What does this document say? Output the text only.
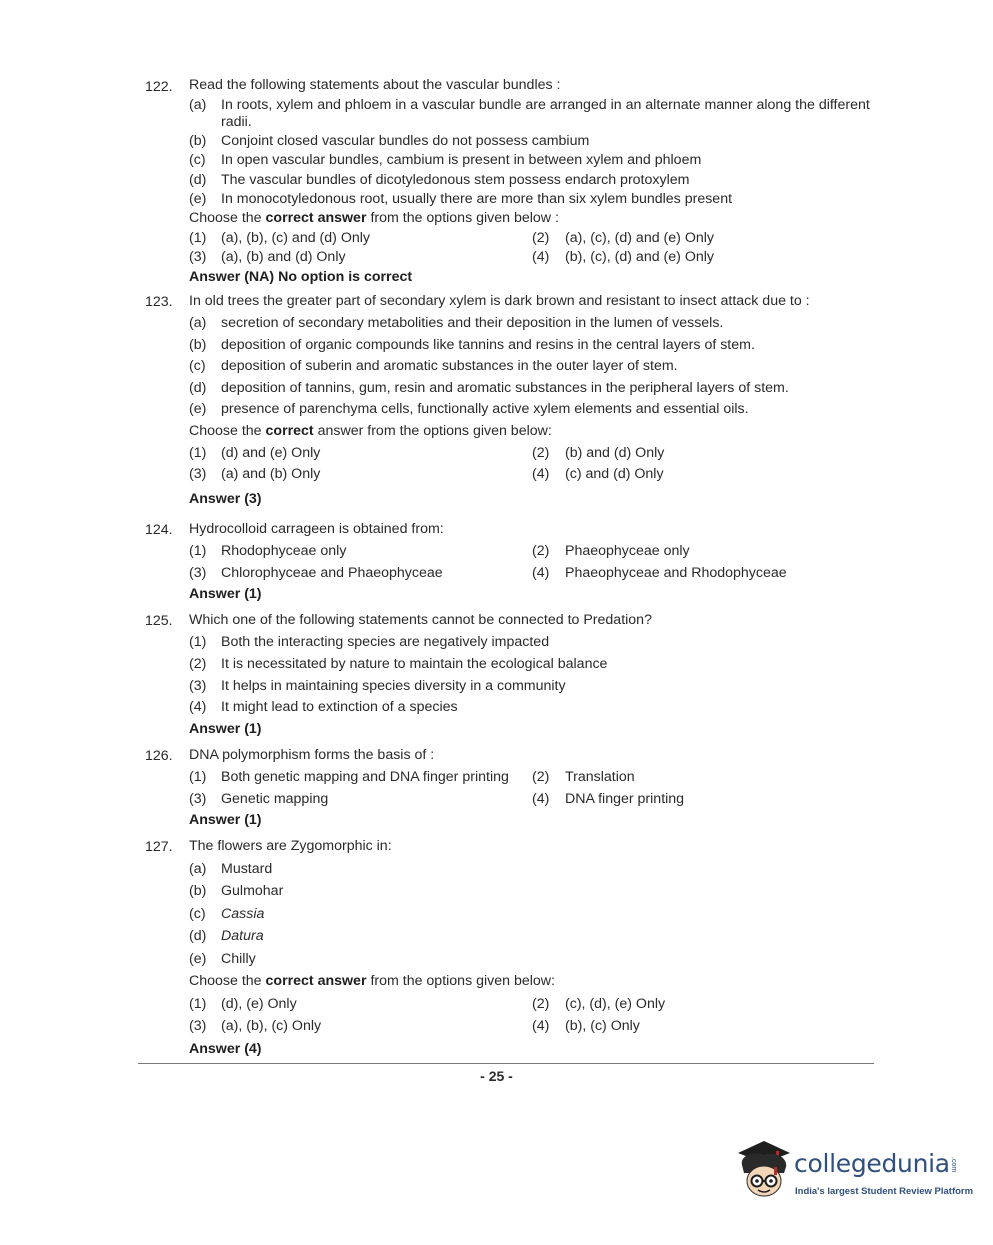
122. Read the following statements about the vascular bundles :
(a) In roots, xylem and phloem in a vascular bundle are arranged in an alternate manner along the different
radii.
(b) Conjoint closed vascular bundles do not possess cambium
(c) In open vascular bundles, cambium is present in between xylem and phloem
(d) The vascular bundles of dicotyledonous stem possess endarch protoxylem
(e) In monocotyledonous root, usually there are more than six xylem bundles present
Choose the correct answer from the options given below :
(1) (a), (b), (c) and (d) Only	(2) (a), (c), (d) and (e) Only
(3) (a), (b) and (d) Only	(4) (b), (c), (d) and (e) Only
Answer (NA) No option is correct
123. In old trees the greater part of secondary xylem is dark brown and resistant to insect attack due to :
(a) secretion of secondary metabolities and their deposition in the lumen of vessels.
(b) deposition of organic compounds like tannins and resins in the central layers of stem.
(c) deposition of suberin and aromatic substances in the outer layer of stem.
(d) deposition of tannins, gum, resin and aromatic substances in the peripheral layers of stem.
(e) presence of parenchyma cells, functionally active xylem elements and essential oils.
Choose the correct answer from the options given below:
(1) (d) and (e) Only	(2) (b) and (d) Only
(3) (a) and (b) Only	(4) (c) and (d) Only
Answer (3)
124. Hydrocolloid carrageen is obtained from:
(1) Rhodophyceae only	(2) Phaeophyceae only
(3) Chlorophyceae and Phaeophyceae	(4) Phaeophyceae and Rhodophyceae
Answer (1)
125. Which one of the following statements cannot be connected to Predation?
(1) Both the interacting species are negatively impacted
(2) It is necessitated by nature to maintain the ecological balance
(3) It helps in maintaining species diversity in a community
(4) It might lead to extinction of a species
Answer (1)
126. DNA polymorphism forms the basis of :
(1) Both genetic mapping and DNA finger printing (2) Translation
(3) Genetic mapping	(4) DNA finger printing
Answer (1)
127. The flowers are Zygomorphic in:
(a) Mustard
(b) Gulmohar
(c) Cassia
(d) Datura
(e) Chilly
Choose the correct answer from the options given below:
(1) (d), (e) Only	(2) (c), (d), (e) Only
(3) (a), (b), (c) Only	(4) (b), (c) Only
Answer (4)
- 25 -
collegedunia .com
India's largest Student Review Platform
